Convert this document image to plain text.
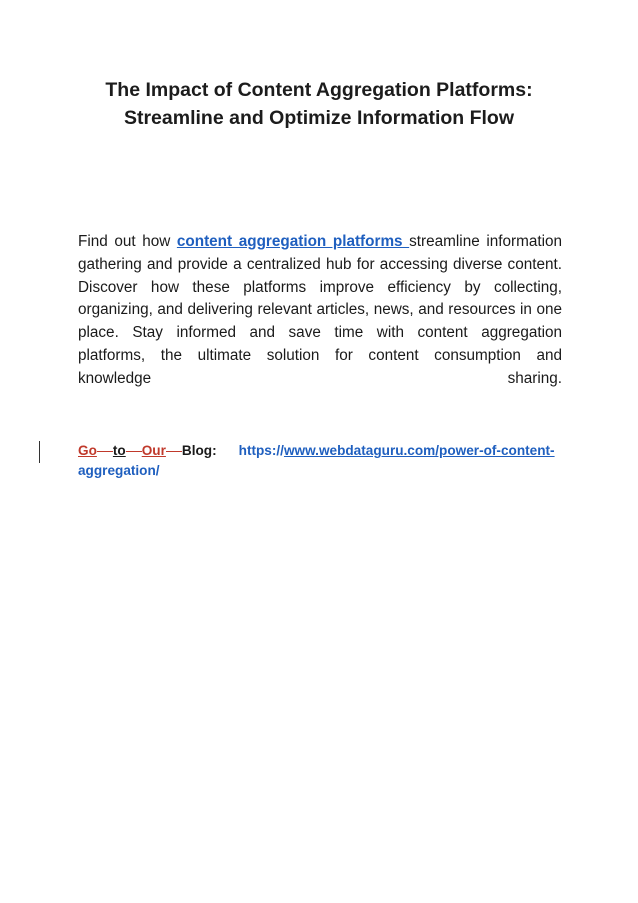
The Impact of Content Aggregation Platforms:
Streamline and Optimize Information Flow
Find out how content aggregation platforms streamline information
gathering and provide a centralized hub for accessing diverse content.
Discover how these platforms improve efficiency by collecting,
organizing, and delivering relevant articles, news, and resources in one
place. Stay informed and save time with content aggregation
platforms, the ultimate solution for content consumption and
knowledge	sharing.
Go to Our Blog: https://www.webdataguru.com/power-of-content-
aggregation/
